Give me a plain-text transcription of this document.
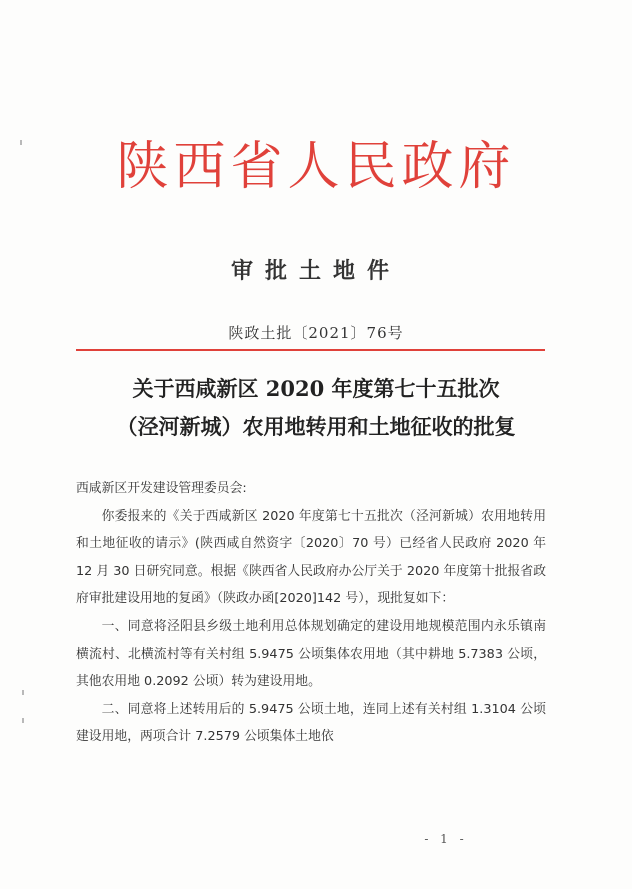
陕西省人民政府
审批土地件
陕政土批〔2021〕76号
关于西咸新区 2020 年度第七十五批次
（泾河新城）农用地转用和土地征收的批复

西咸新区开发建设管理委员会:

你委报来的《关于西咸新区 2020 年度第七十五批次（泾河新城）农用地转用和土地征收的请示》(陕西咸自然资字〔2020〕70 号）已经省人民政府 2020 年 12 月 30 日研究同意。根据《陕西省人民政府办公厅关于 2020 年度第十批报省政府审批建设用地的复函》（陕政办函[2020]142 号），现批复如下：

一、同意将泾阳县乡级土地利用总体规划确定的建设用地规模范围内永乐镇南横流村、北横流村等有关村组 5.9475 公顷集体农用地（其中耕地 5.7383 公顷，其他农用地 0.2092 公顷）转为建设用地。

二、同意将上述转用后的 5.9475 公顷土地，连同上述有关村组 1.3104 公顷建设用地，两项合计 7.2579 公顷集体土地依

- 1 -
